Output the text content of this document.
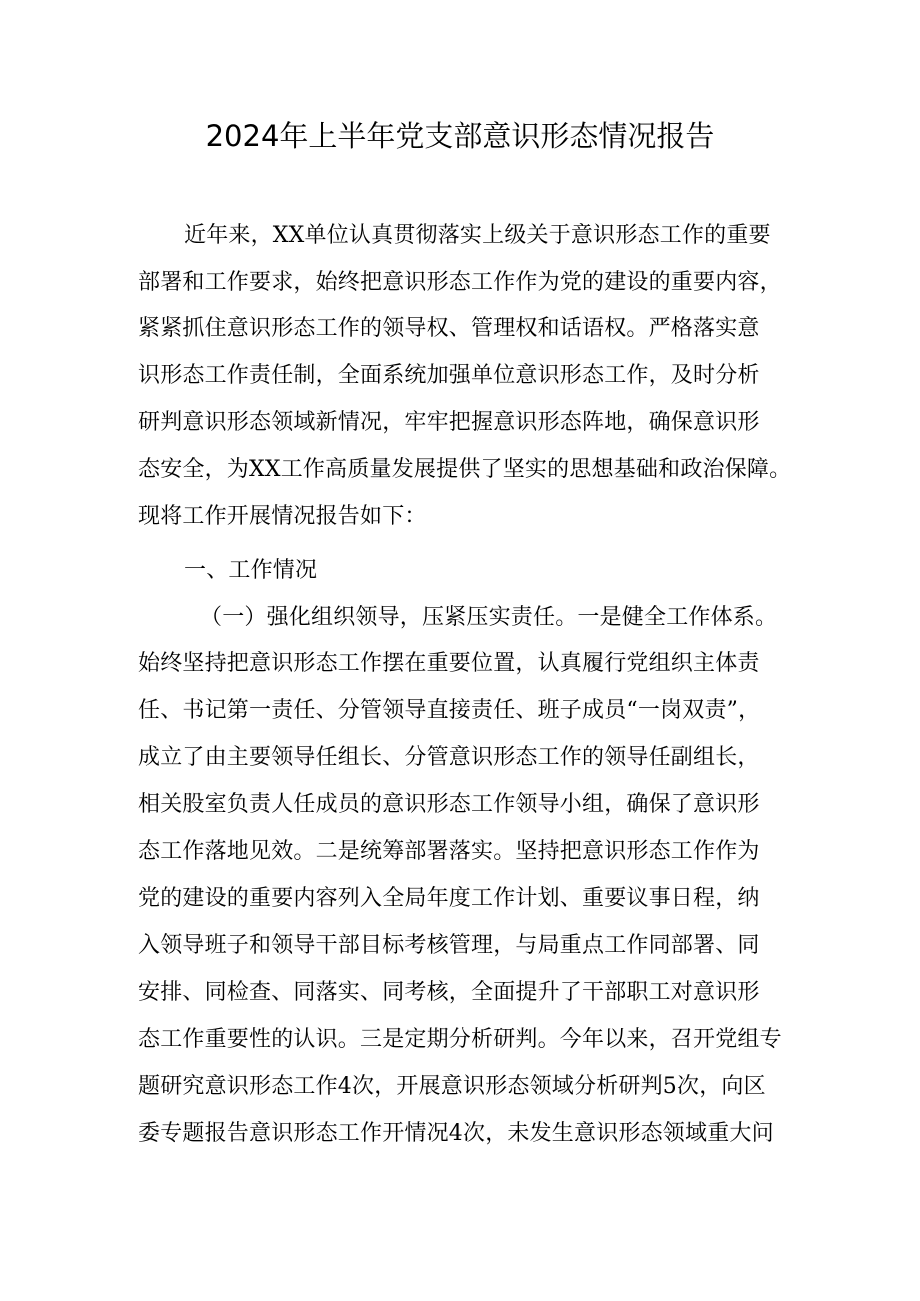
2024年上半年党支部意识形态情况报告
近年来，XX单位认真贯彻落实上级关于意识形态工作的重要
部署和工作要求，始终把意识形态工作作为党的建设的重要内容，
紧紧抓住意识形态工作的领导权、管理权和话语权。严格落实意
识形态工作责任制，全面系统加强单位意识形态工作，及时分析
研判意识形态领域新情况，牢牢把握意识形态阵地，确保意识形
态安全，为XX工作高质量发展提供了坚实的思想基础和政治保障。
现将工作开展情况报告如下：
一、工作情况
（一）强化组织领导，压紧压实责任。一是健全工作体系。
始终坚持把意识形态工作摆在重要位置，认真履行党组织主体责
任、书记第一责任、分管领导直接责任、班子成员“一岗双责”，
成立了由主要领导任组长、分管意识形态工作的领导任副组长，
相关股室负责人任成员的意识形态工作领导小组，确保了意识形
态工作落地见效。二是统筹部署落实。坚持把意识形态工作作为
党的建设的重要内容列入全局年度工作计划、重要议事日程，纳
入领导班子和领导干部目标考核管理，与局重点工作同部署、同
安排、同检查、同落实、同考核，全面提升了干部职工对意识形
态工作重要性的认识。三是定期分析研判。今年以来，召开党组专
题研究意识形态工作4次，开展意识形态领域分析研判5次，向区
委专题报告意识形态工作开情况4次，未发生意识形态领域重大问
